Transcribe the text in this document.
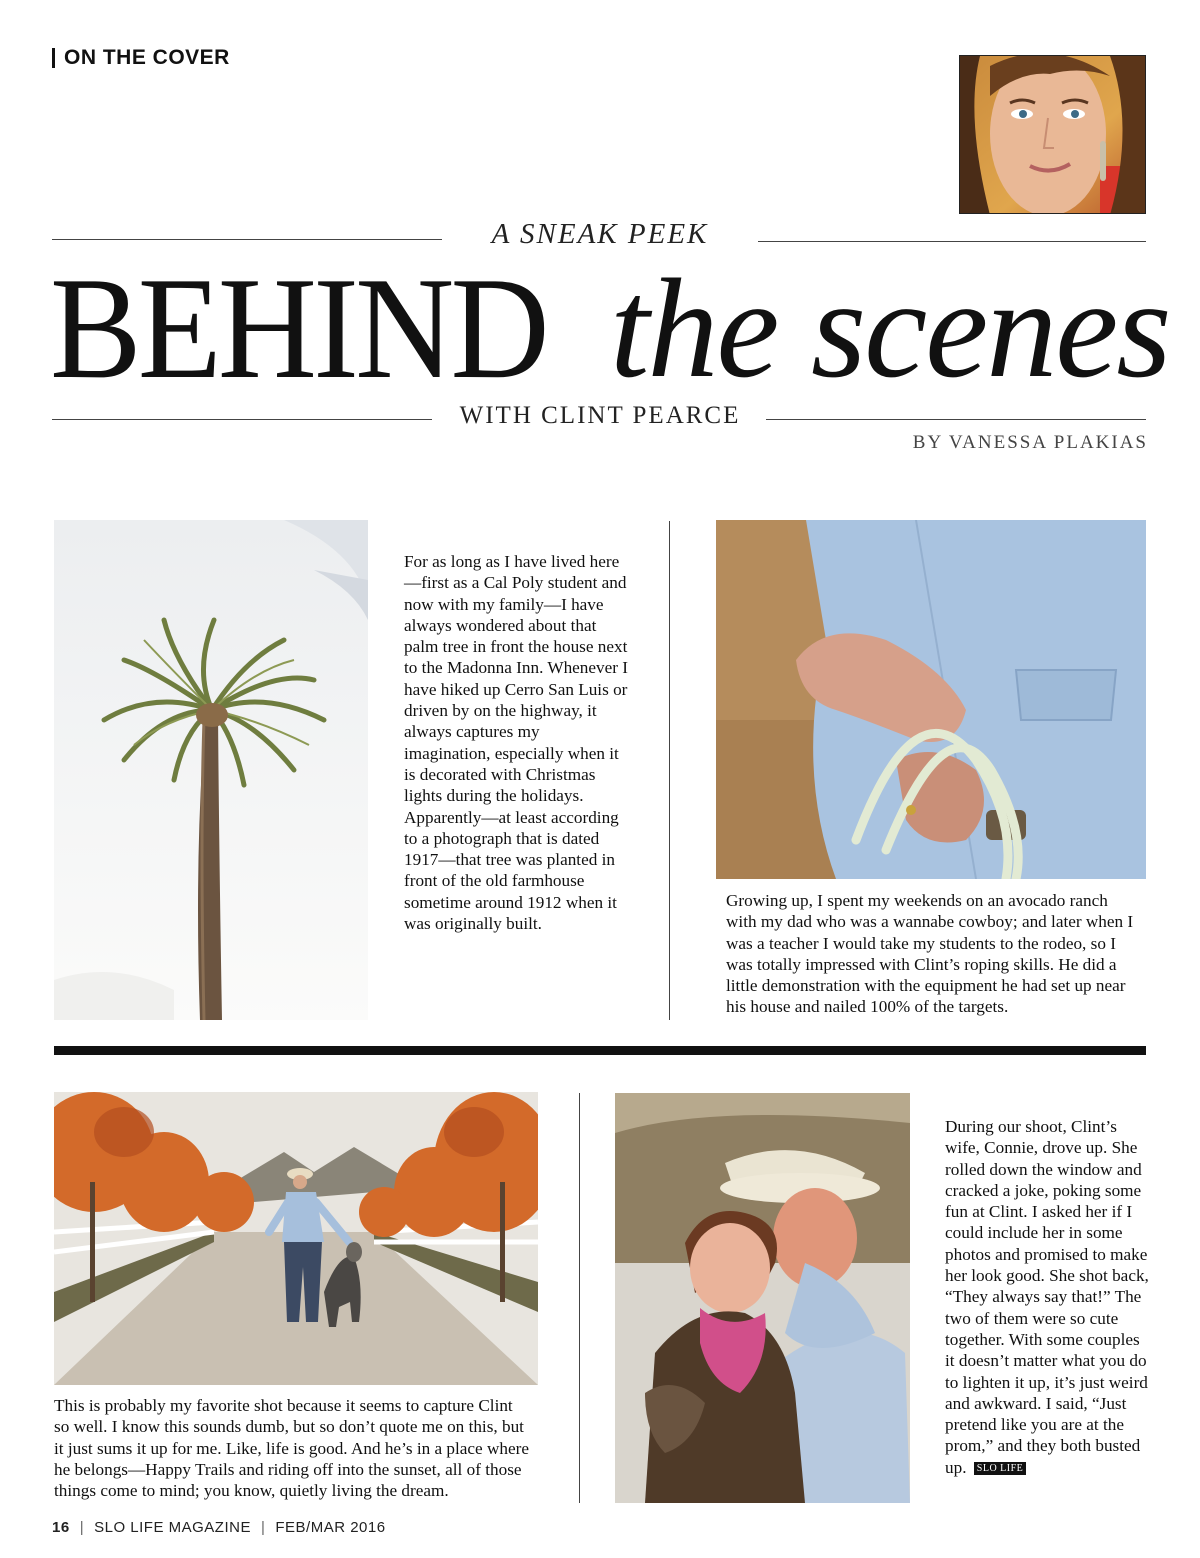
ON THE COVER
A SNEAK PEEK
BEHIND the scenes
WITH CLINT PEARCE
BY VANESSA PLAKIAS

For as long as I have lived here—first as a Cal Poly student and now with my family—I have always wondered about that palm tree in front the house next to the Madonna Inn. Whenever I have hiked up Cerro San Luis or driven by on the highway, it always captures my imagination, especially when it is decorated with Christmas lights during the holidays. Apparently—at least according to a photograph that is dated 1917—that tree was planted in front of the old farmhouse sometime around 1912 when it was originally built.

Growing up, I spent my weekends on an avocado ranch with my dad who was a wannabe cowboy; and later when I was a teacher I would take my students to the rodeo, so I was totally impressed with Clint’s roping skills. He did a little demonstration with the equipment he had set up near his house and nailed 100% of the targets.

This is probably my favorite shot because it seems to capture Clint so well. I know this sounds dumb, but so don’t quote me on this, but it just sums it up for me. Like, life is good. And he’s in a place where he belongs—Happy Trails and riding off into the sunset, all of those things come to mind; you know, quietly living the dream.

During our shoot, Clint’s wife, Connie, drove up. She rolled down the window and cracked a joke, poking some fun at Clint. I asked her if I could include her in some photos and promised to make her look good. She shot back, “They always say that!” The two of them were so cute together. With some couples it doesn’t matter what you do to lighten it up, it’s just weird and awkward. I said, “Just pretend like you are at the prom,” and they both busted up. SLO LIFE

16 | SLO LIFE MAGAZINE | FEB/MAR 2016
